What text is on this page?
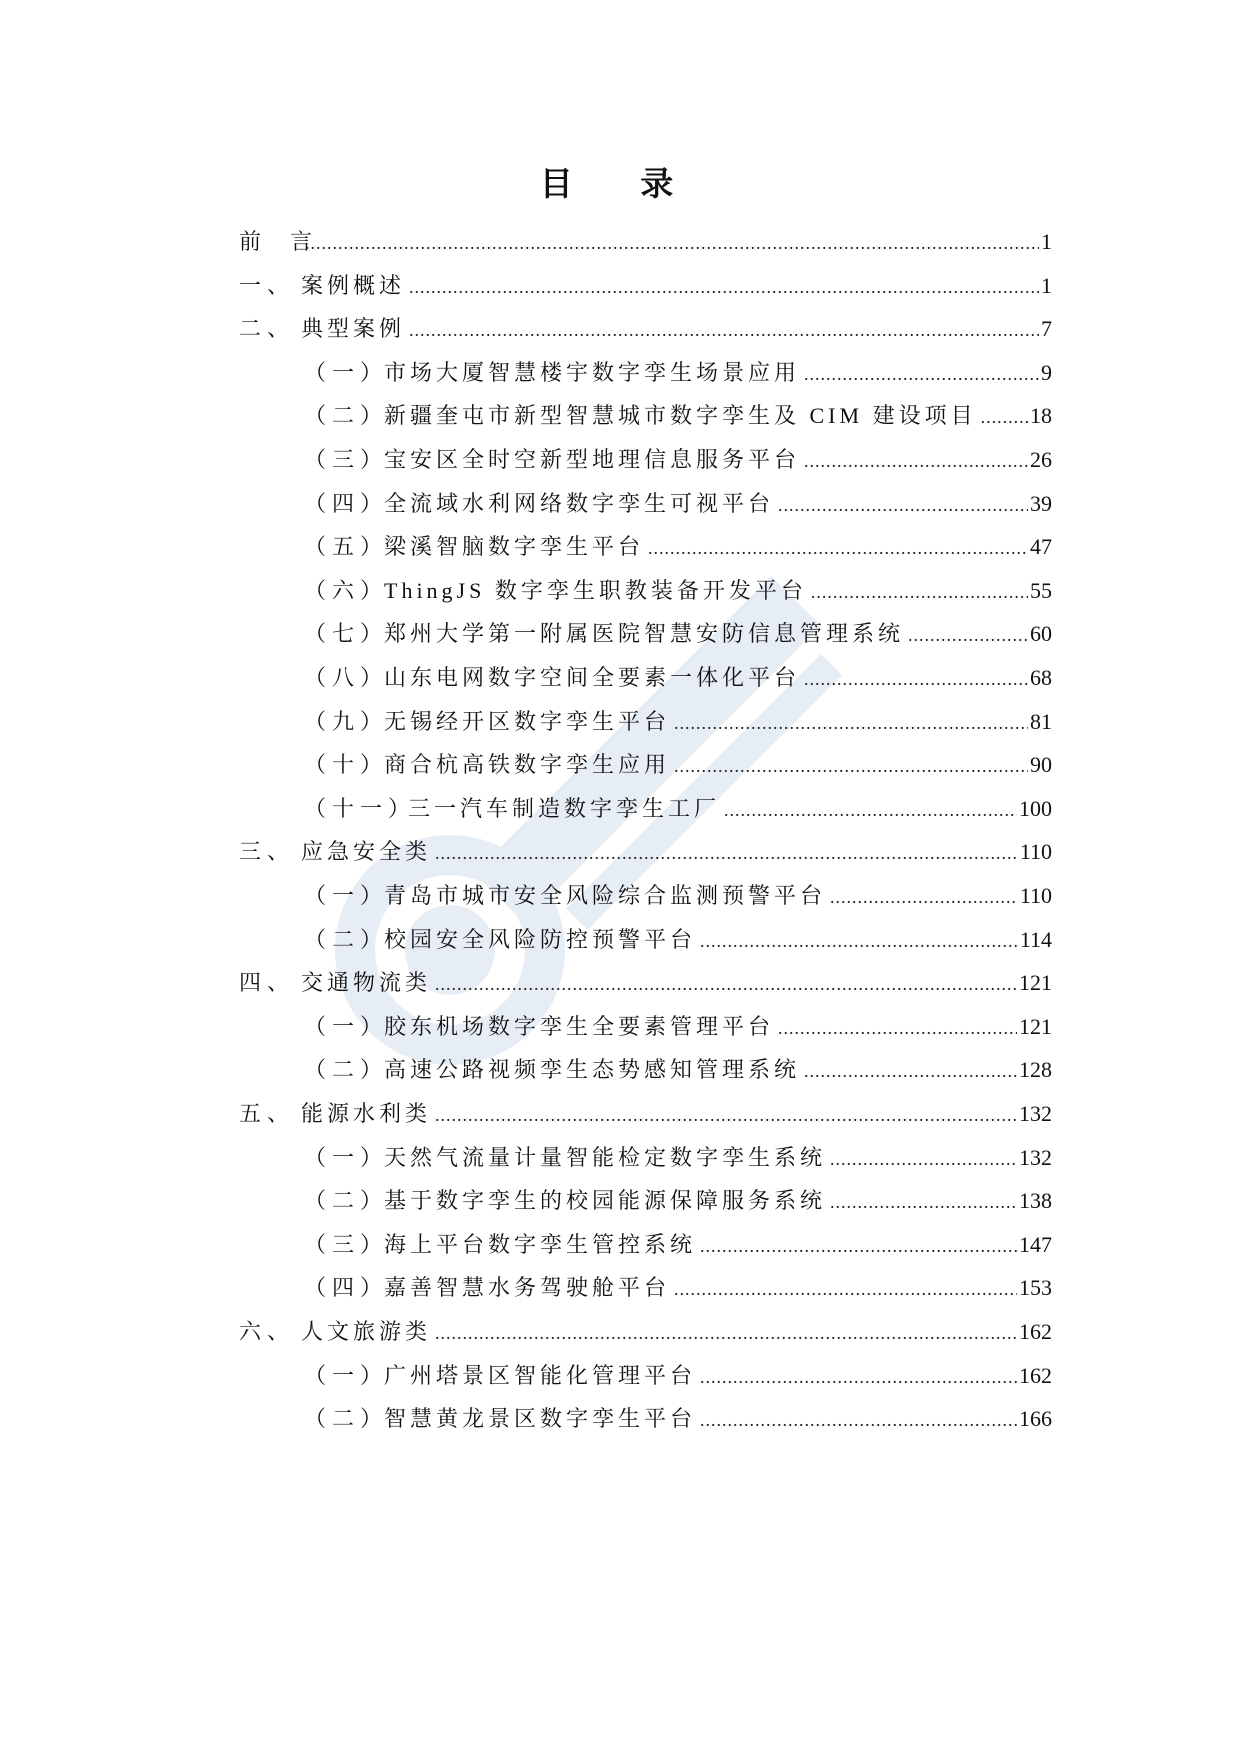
目 录
前  言 .....	1
一、 案例概述 .....	1
二、 典型案例 .....	7
（一）
市场大厦智慧楼宇数字孪生场景应用 .....	9
（二）
新疆奎屯市新型智慧城市数字孪生及 CIM 建设项目 ..... 18
（三）
宝安区全时空新型地理信息服务平台 .....	26
（四）
全流域水利网络数字孪生可视平台 .....	39
（五）
梁溪智脑数字孪生平台 .....	47
（六）
ThingJS 数字孪生职教装备开发平台 .....	55
（七）
郑州大学第一附属医院智慧安防信息管理系统 .....	60
（八）
山东电网数字空间全要素一体化平台 .....	68
（九）
无锡经开区数字孪生平台 .....	81
（十）
商合杭高铁数字孪生应用 .....	90
（十一）
三一汽车制造数字孪生工厂 .....	100
三、 应急安全类 .....	110
（一）
青岛市城市安全风险综合监测预警平台 .....	110
（二）
校园安全风险防控预警平台 .....	114
四、 交通物流类 .....	121
（一）
胶东机场数字孪生全要素管理平台 .....	121
（二）
高速公路视频孪生态势感知管理系统 .....	128
五、 能源水利类 .....	132
（一）
天然气流量计量智能检定数字孪生系统 .....	132
（二）
基于数字孪生的校园能源保障服务系统 .....	138
（三）
海上平台数字孪生管控系统 .....	147
（四）
嘉善智慧水务驾驶舱平台 .....	153
六、 人文旅游类 .....	162
（一）
广州塔景区智能化管理平台 .....	162
（二）
智慧黄龙景区数字孪生平台 .....	166
